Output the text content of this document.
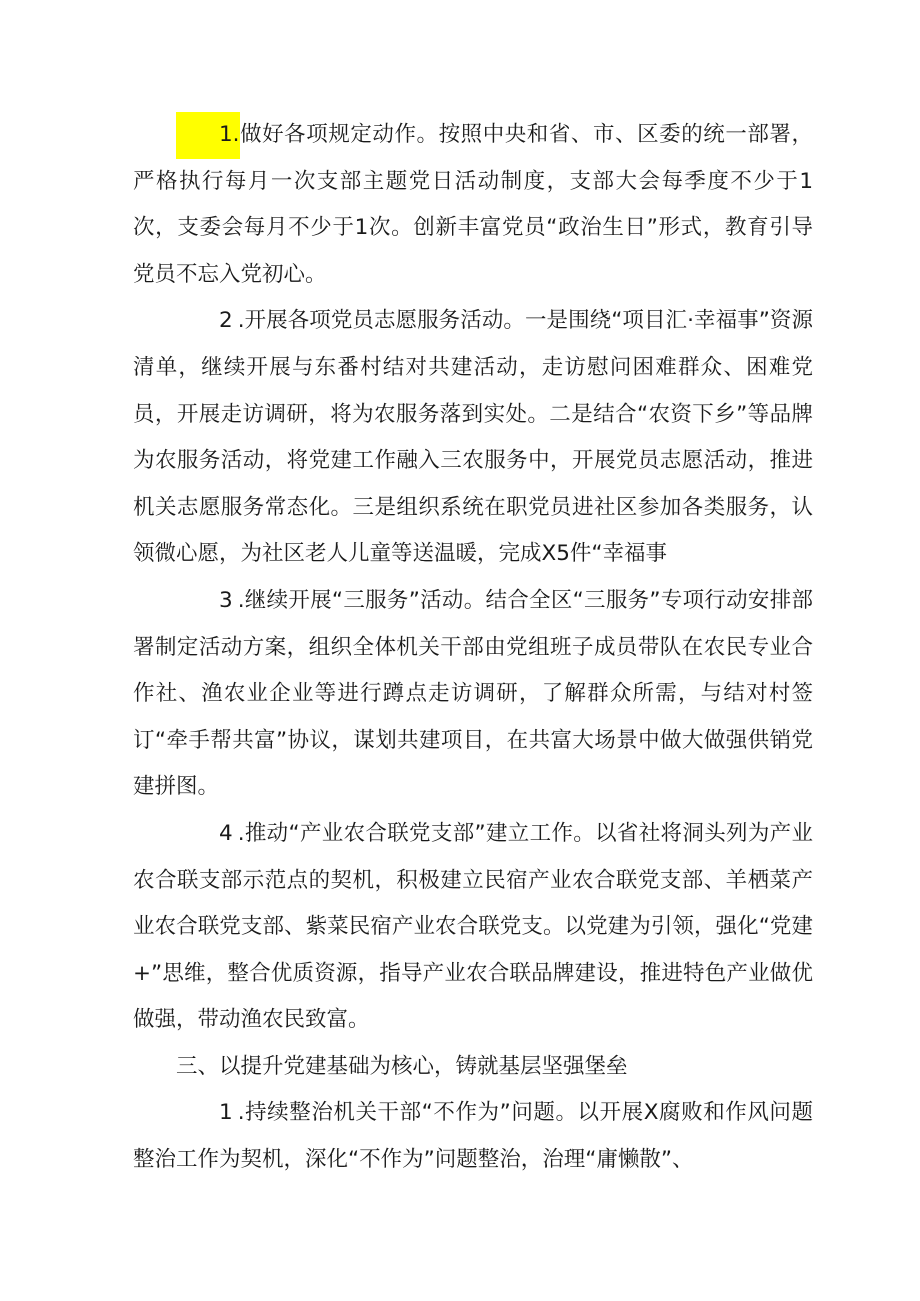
1.做好各项规定动作。按照中央和省、市、区委的统一部署，严格执行每月一次支部主题党日活动制度，支部大会每季度不少于1次，支委会每月不少于1次。创新丰富党员“政治生日”形式，教育引导党员不忘入党初心。

2 .开展各项党员志愿服务活动。一是围绕“项目汇·幸福事”资源清单，继续开展与东番村结对共建活动，走访慰问困难群众、困难党员，开展走访调研，将为农服务落到实处。二是结合“农资下乡”等品牌为农服务活动，将党建工作融入三农服务中，开展党员志愿活动，推进机关志愿服务常态化。三是组织系统在职党员进社区参加各类服务，认领微心愿，为社区老人儿童等送温暖，完成X5件“幸福事

3 .继续开展“三服务”活动。结合全区“三服务”专项行动安排部署制定活动方案，组织全体机关干部由党组班子成员带队在农民专业合作社、渔农业企业等进行蹲点走访调研，了解群众所需，与结对村签订“牵手帮共富”协议，谋划共建项目，在共富大场景中做大做强供销党建拼图。

4 .推动“产业农合联党支部”建立工作。以省社将洞头列为产业农合联支部示范点的契机，积极建立民宿产业农合联党支部、羊栖菜产业农合联党支部、紫菜民宿产业农合联党支。以党建为引领，强化“党建+”思维，整合优质资源，指导产业农合联品牌建设，推进特色产业做优做强，带动渔农民致富。

三、以提升党建基础为核心，铸就基层坚强堡垒

1 .持续整治机关干部“不作为”问题。以开展X腐败和作风问题整治工作为契机，深化“不作为”问题整治，治理“庸懒散”、
